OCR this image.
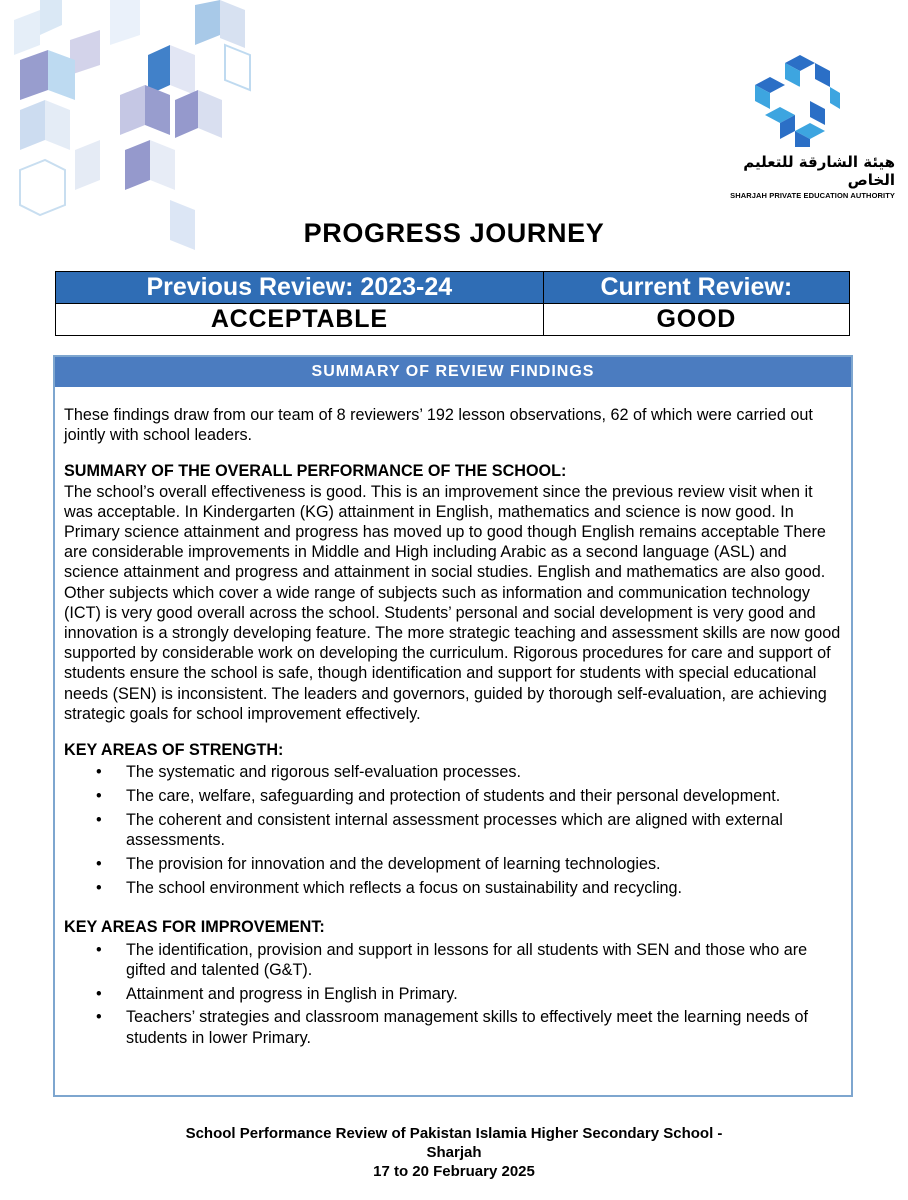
هيئة الشارقة للتعليم الخاص
SHARJAH PRIVATE EDUCATION AUTHORITY
PROGRESS JOURNEY
Previous Review: 2023-24	Current Review:
ACCEPTABLE	GOOD
SUMMARY OF REVIEW FINDINGS

These findings draw from our team of 8 reviewers’ 192 lesson observations, 62 of which were carried out jointly with school leaders.

SUMMARY OF THE OVERALL PERFORMANCE OF THE SCHOOL:

The school’s overall effectiveness is good. This is an improvement since the previous review visit when it was acceptable. In Kindergarten (KG) attainment in English, mathematics and science is now good. In Primary science attainment and progress has moved up to good though English remains acceptable There are considerable improvements in Middle and High including Arabic as a second language (ASL) and science attainment and progress and attainment in social studies. English and mathematics are also good. Other subjects which cover a wide range of subjects such as information and communication technology (ICT) is very good overall across the school. Students’ personal and social development is very good and innovation is a strongly developing feature. The more strategic teaching and assessment skills are now good supported by considerable work on developing the curriculum. Rigorous procedures for care and support of students ensure the school is safe, though identification and support for students with special educational needs (SEN) is inconsistent. The leaders and governors, guided by thorough self-evaluation, are achieving strategic goals for school improvement effectively.

KEY AREAS OF STRENGTH:

• The systematic and rigorous self-evaluation processes.
• The care, welfare, safeguarding and protection of students and their personal development.
• The coherent and consistent internal assessment processes which are aligned with external assessments.
• The provision for innovation and the development of learning technologies.
• The school environment which reflects a focus on sustainability and recycling.

KEY AREAS FOR IMPROVEMENT:

• The identification, provision and support in lessons for all students with SEN and those who are gifted and talented (G&T).
• Attainment and progress in English in Primary.
• Teachers’ strategies and classroom management skills to effectively meet the learning needs of students in lower Primary.
School Performance Review of Pakistan Islamia Higher Secondary School -
Sharjah
17 to 20 February 2025
